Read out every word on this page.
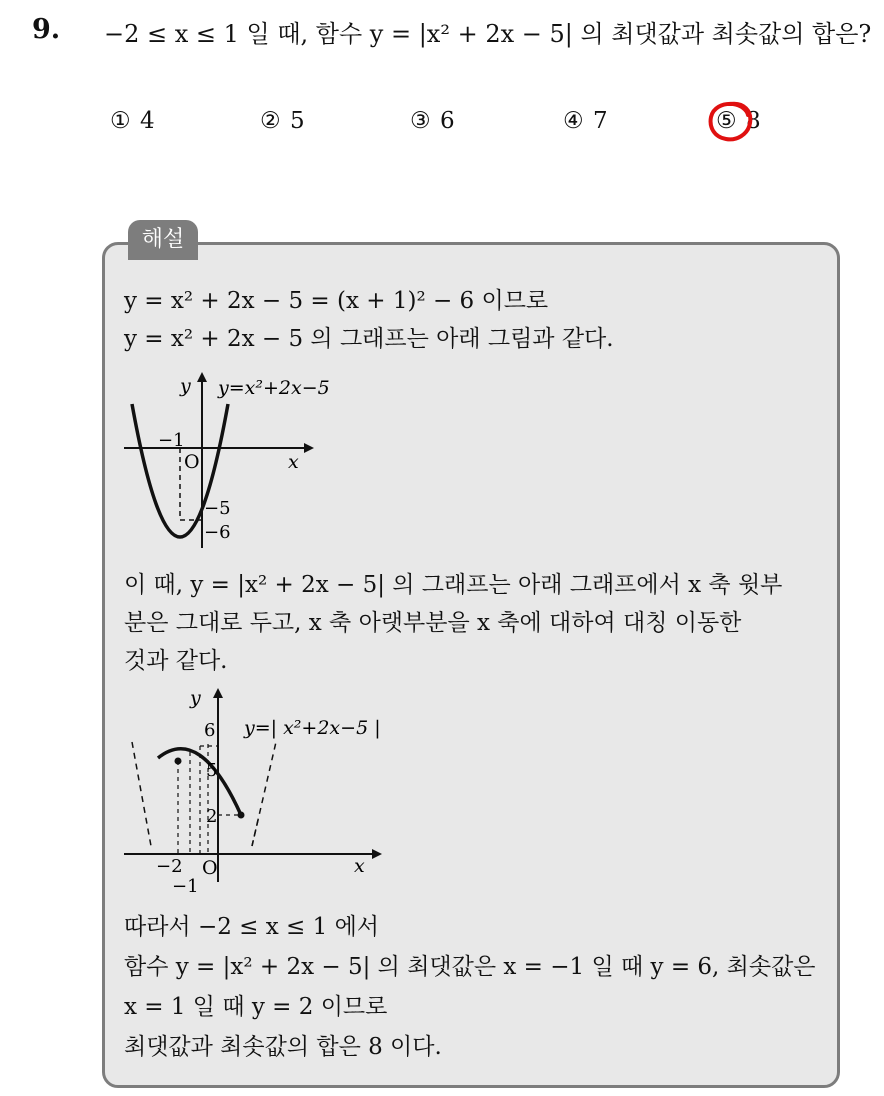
9. −2 ≤ x ≤ 1 일 때, 함수 y = |x² + 2x − 5| 의 최댓값과 최솟값의 합은?
① 4	② 5	③ 6	④ 7	⑤ 8
해설
y = x² + 2x − 5 = (x + 1)² − 6 이므로
y = x² + 2x − 5 의 그래프는 아래 그림과 같다.
y y=x²+2x−5
−1
O	x
−5
−6
이 때, y = |x² + 2x − 5| 의 그래프는 아래 그래프에서 x 축 윗부
분은 그대로 두고, x 축 아랫부분을 x 축에 대하여 대칭 이동한
것과 같다.
y
6 y=| x²+2x−5 |
5
2
−2 O
−1
x
따라서 −2 ≤ x ≤ 1 에서
함수 y = |x² + 2x − 5| 의 최댓값은 x = −1 일 때 y = 6, 최솟값은
x = 1 일 때 y = 2 이므로
최댓값과 최솟값의 합은 8 이다.
